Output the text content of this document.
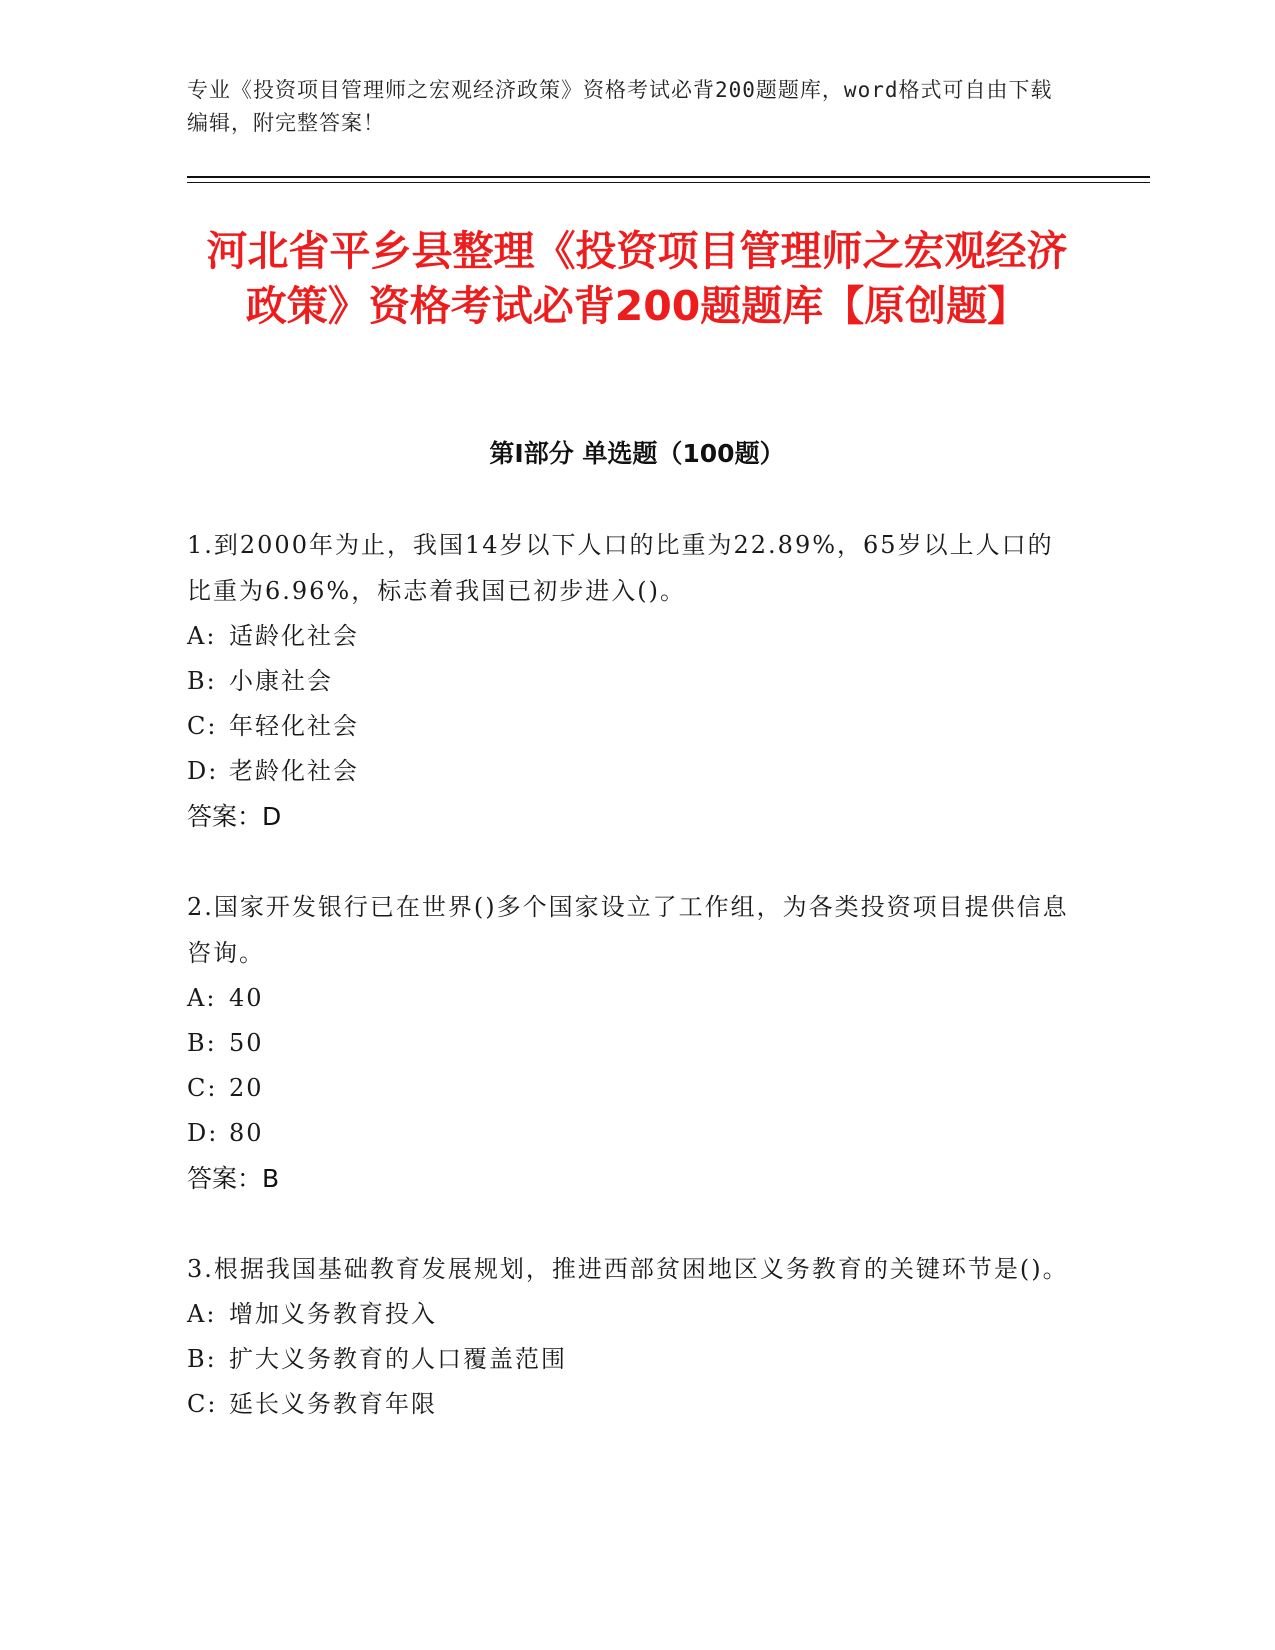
专业《投资项目管理师之宏观经济政策》资格考试必背200题题库，word格式可自由下载编辑，附完整答案！
河北省平乡县整理《投资项目管理师之宏观经济政策》资格考试必背200题题库【原创题】
第I部分 单选题（100题）

1.到2000年为止，我国14岁以下人口的比重为22.89%，65岁以上人口的比重为6.96%，标志着我国已初步进入()。

A: 适龄化社会

B: 小康社会

C: 年轻化社会

D: 老龄化社会

答案：D

2.国家开发银行已在世界()多个国家设立了工作组，为各类投资项目提供信息咨询。

A: 40

B: 50

C: 20

D: 80

答案：B

3.根据我国基础教育发展规划，推进西部贫困地区义务教育的关键环节是()。

A: 增加义务教育投入

B: 扩大义务教育的人口覆盖范围

C: 延长义务教育年限
